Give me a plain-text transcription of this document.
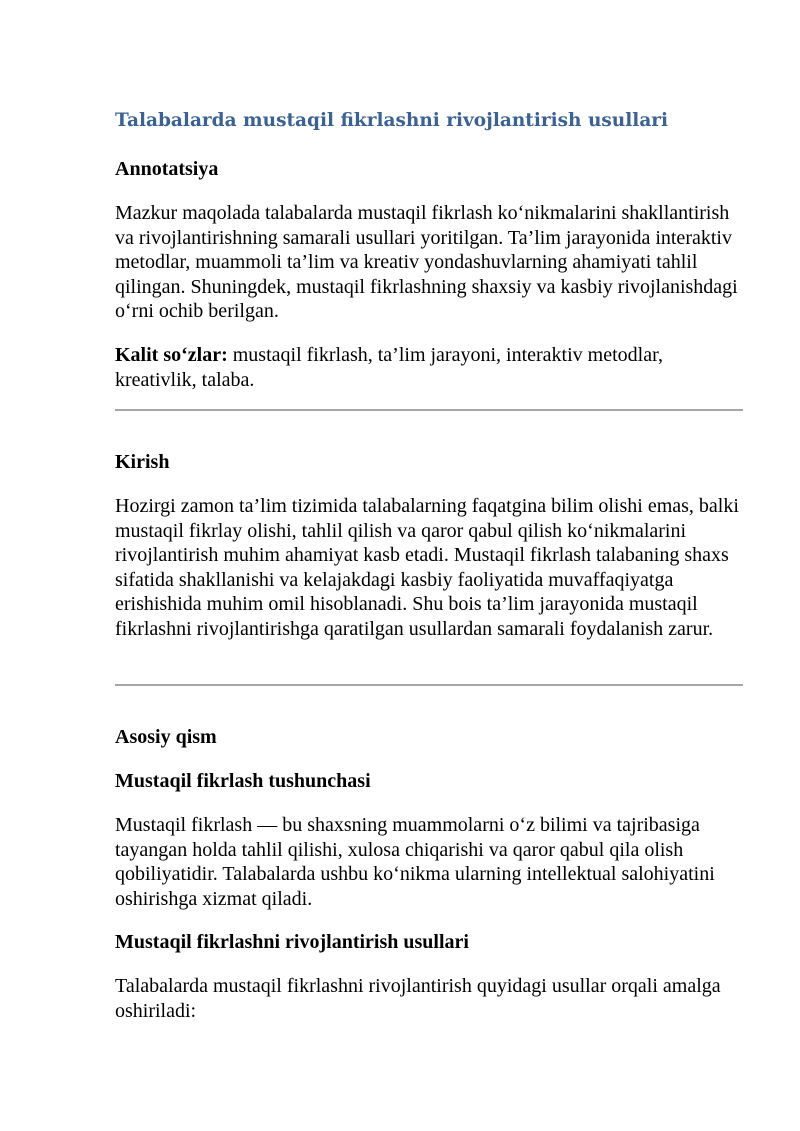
Talabalarda mustaqil fikrlashni rivojlantirish usullari
Annotatsiya

Mazkur maqolada talabalarda mustaqil fikrlash ko‘nikmalarini shakllantirish va rivojlantirishning samarali usullari yoritilgan. Ta’lim jarayonida interaktiv metodlar, muammoli ta’lim va kreativ yondashuvlarning ahamiyati tahlil qilingan. Shuningdek, mustaqil fikrlashning shaxsiy va kasbiy rivojlanishdagi o‘rni ochib berilgan.

Kalit so‘zlar: mustaqil fikrlash, ta’lim jarayoni, interaktiv metodlar, kreativlik, talaba.

Kirish

Hozirgi zamon ta’lim tizimida talabalarning faqatgina bilim olishi emas, balki mustaqil fikrlay olishi, tahlil qilish va qaror qabul qilish ko‘nikmalarini rivojlantirish muhim ahamiyat kasb etadi. Mustaqil fikrlash talabaning shaxs sifatida shakllanishi va kelajakdagi kasbiy faoliyatida muvaffaqiyatga erishishida muhim omil hisoblanadi. Shu bois ta’lim jarayonida mustaqil fikrlashni rivojlantirishga qaratilgan usullardan samarali foydalanish zarur.

Asosiy qism
Mustaqil fikrlash tushunchasi

Mustaqil fikrlash — bu shaxsning muammolarni o‘z bilimi va tajribasiga tayangan holda tahlil qilishi, xulosa chiqarishi va qaror qabul qila olish qobiliyatidir. Talabalarda ushbu ko‘nikma ularning intellektual salohiyatini oshirishga xizmat qiladi.

Mustaqil fikrlashni rivojlantirish usullari

Talabalarda mustaqil fikrlashni rivojlantirish quyidagi usullar orqali amalga oshiriladi:
